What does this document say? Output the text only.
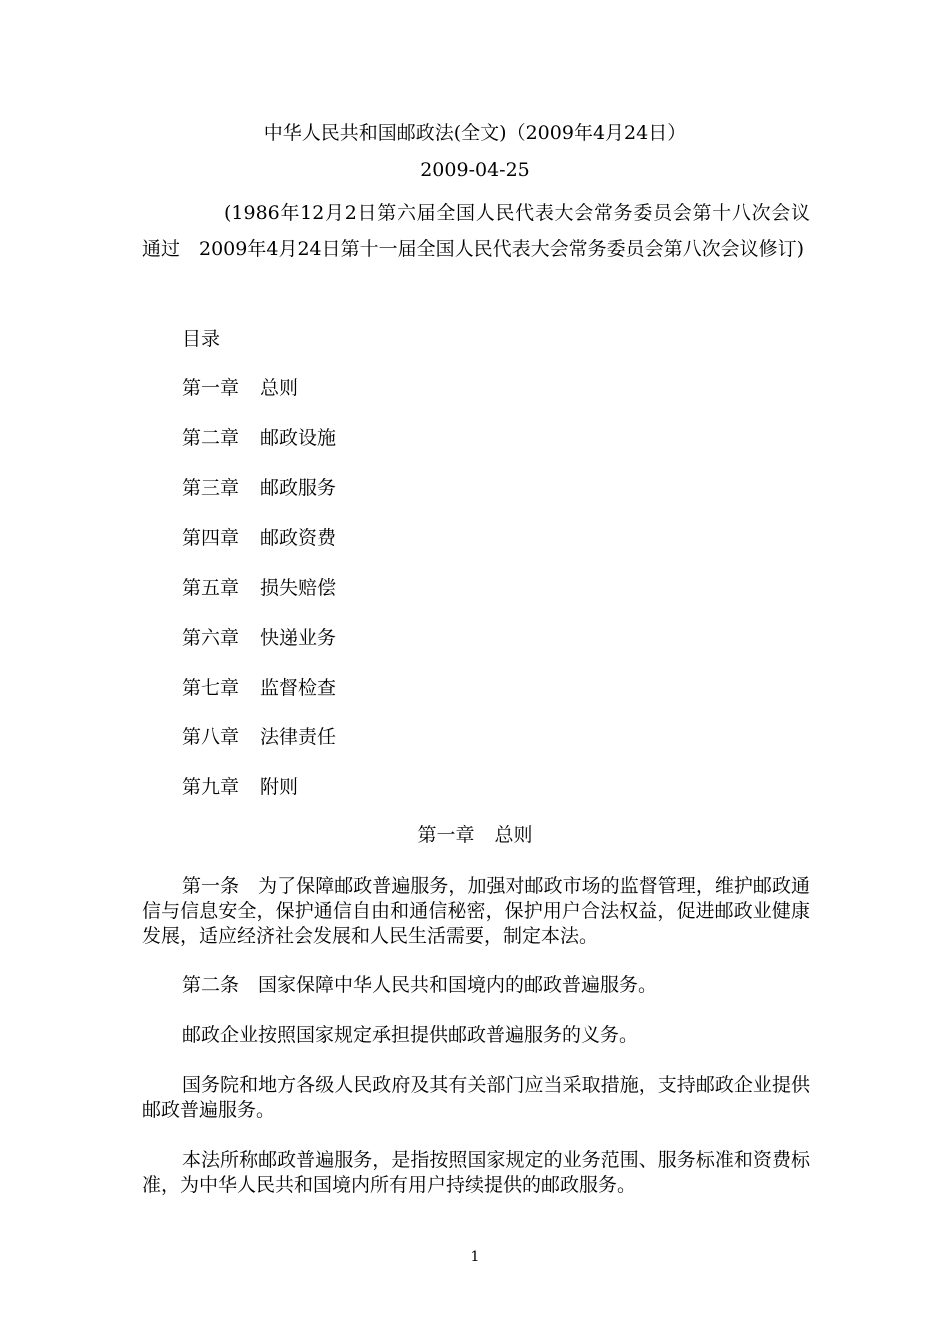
中华人民共和国邮政法(全文)（2009年4月24日）
2009-04-25

(1986年12月2日第六届全国人民代表大会常务委员会第十八次会议通过　2009年4月24日第十一届全国人民代表大会常务委员会第八次会议修订)

目录
第一章 总则
第二章 邮政设施
第三章 邮政服务
第四章 邮政资费
第五章 损失赔偿
第六章 快递业务
第七章 监督检查
第八章 法律责任
第九章 附则
第一章 总则

第一条 为了保障邮政普遍服务，加强对邮政市场的监督管理，维护邮政通信与信息安全，保护通信自由和通信秘密，保护用户合法权益，促进邮政业健康发展，适应经济社会发展和人民生活需要，制定本法。

第二条 国家保障中华人民共和国境内的邮政普遍服务。

邮政企业按照国家规定承担提供邮政普遍服务的义务。

国务院和地方各级人民政府及其有关部门应当采取措施，支持邮政企业提供邮政普遍服务。

本法所称邮政普遍服务，是指按照国家规定的业务范围、服务标准和资费标准，为中华人民共和国境内所有用户持续提供的邮政服务。

1
